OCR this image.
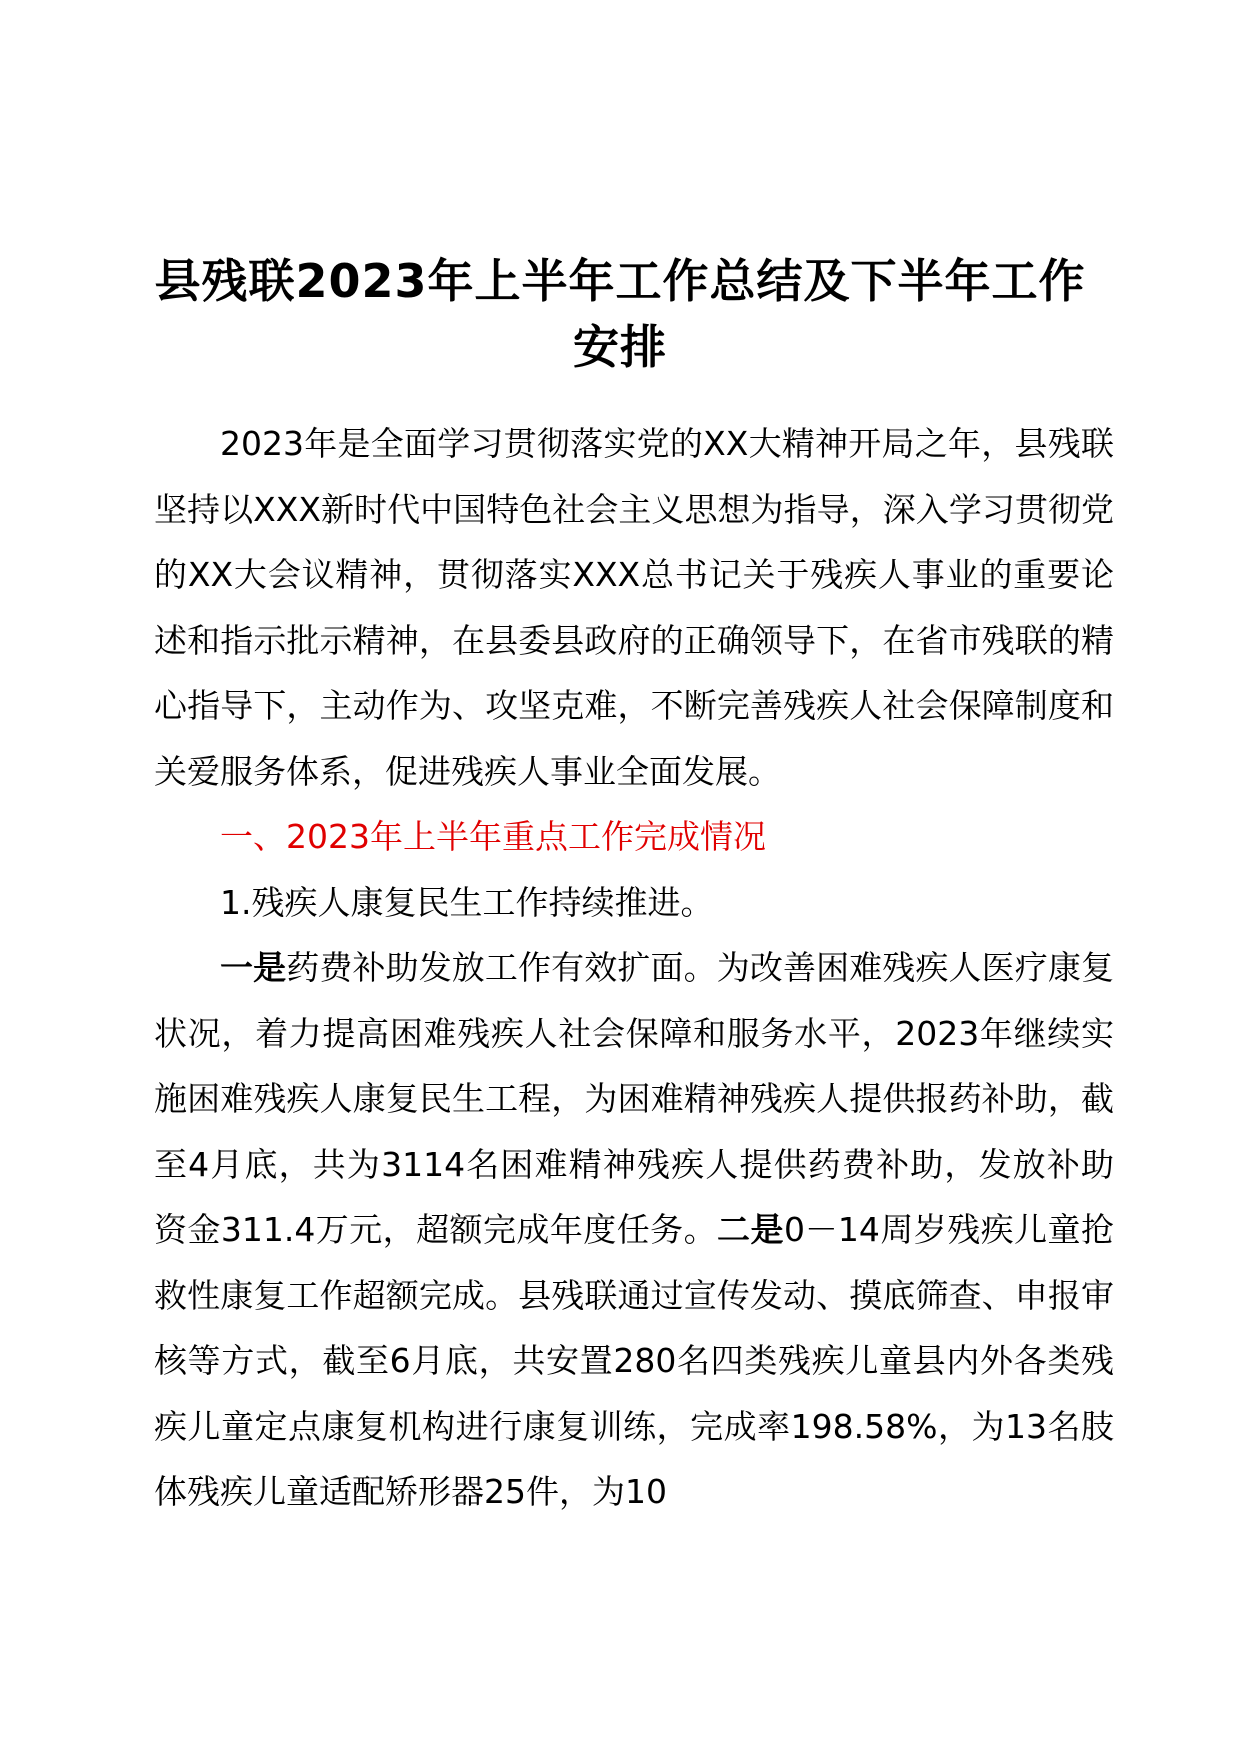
县残联2023年上半年工作总结及下半年工作
安排

2023年是全面学习贯彻落实党的XX大精神开局之年，县残联坚持以XXX新时代中国特色社会主义思想为指导，深入学习贯彻党的XX大会议精神，贯彻落实XXX总书记关于残疾人事业的重要论述和指示批示精神，在县委县政府的正确领导下，在省市残联的精心指导下，主动作为、攻坚克难，不断完善残疾人社会保障制度和关爱服务体系，促进残疾人事业全面发展。

一、2023年上半年重点工作完成情况

1.残疾人康复民生工作持续推进。

一是药费补助发放工作有效扩面。为改善困难残疾人医疗康复状况，着力提高困难残疾人社会保障和服务水平，2023年继续实施困难残疾人康复民生工程，为困难精神残疾人提供报药补助，截至4月底，共为3114名困难精神残疾人提供药费补助，发放补助资金311.4万元，超额完成年度任务。二是0－14周岁残疾儿童抢救性康复工作超额完成。县残联通过宣传发动、摸底筛查、申报审核等方式，截至6月底，共安置280名四类残疾儿童县内外各类残疾儿童定点康复机构进行康复训练，完成率198.58%，为13名肢体残疾儿童适配矫形器25件，为10
